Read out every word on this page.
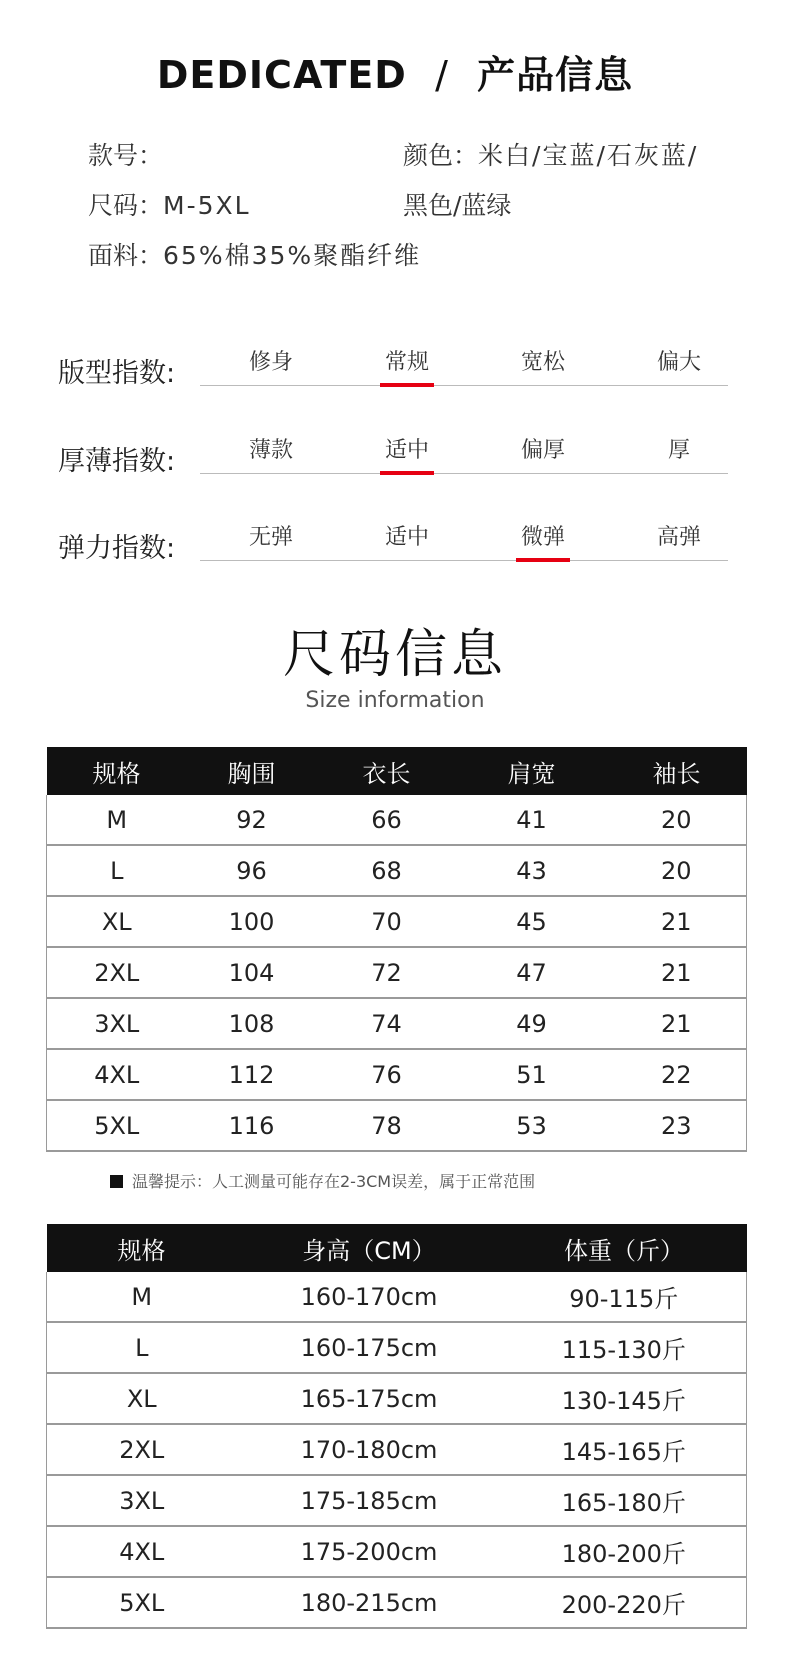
DEDICATED / 产品信息
款号：
尺码：M-5XL
面料：65%棉35%聚酯纤维
颜色：米白/宝蓝/石灰蓝/
黑色/蓝绿
版型指数:	修身	常规	宽松	偏大
厚薄指数:	薄款	适中	偏厚	厚
弹力指数:	无弹	适中	微弹	高弹
尺码信息
Size information
规格	胸围	衣长	肩宽	袖长
M	92	66	41	20
L	96	68	43	20
XL	100	70	45	21
2XL	104	72	47	21
3XL	108	74	49	21
4XL	112	76	51	22
5XL	116	78	53	23
温馨提示：人工测量可能存在2-3CM误差，属于正常范围
规格	身高（CM）	体重（斤）
M	160-170cm	90-115斤
L	160-175cm	115-130斤
XL	165-175cm	130-145斤
2XL	170-180cm	145-165斤
3XL	175-185cm	165-180斤
4XL	175-200cm	180-200斤
5XL	180-215cm	200-220斤
